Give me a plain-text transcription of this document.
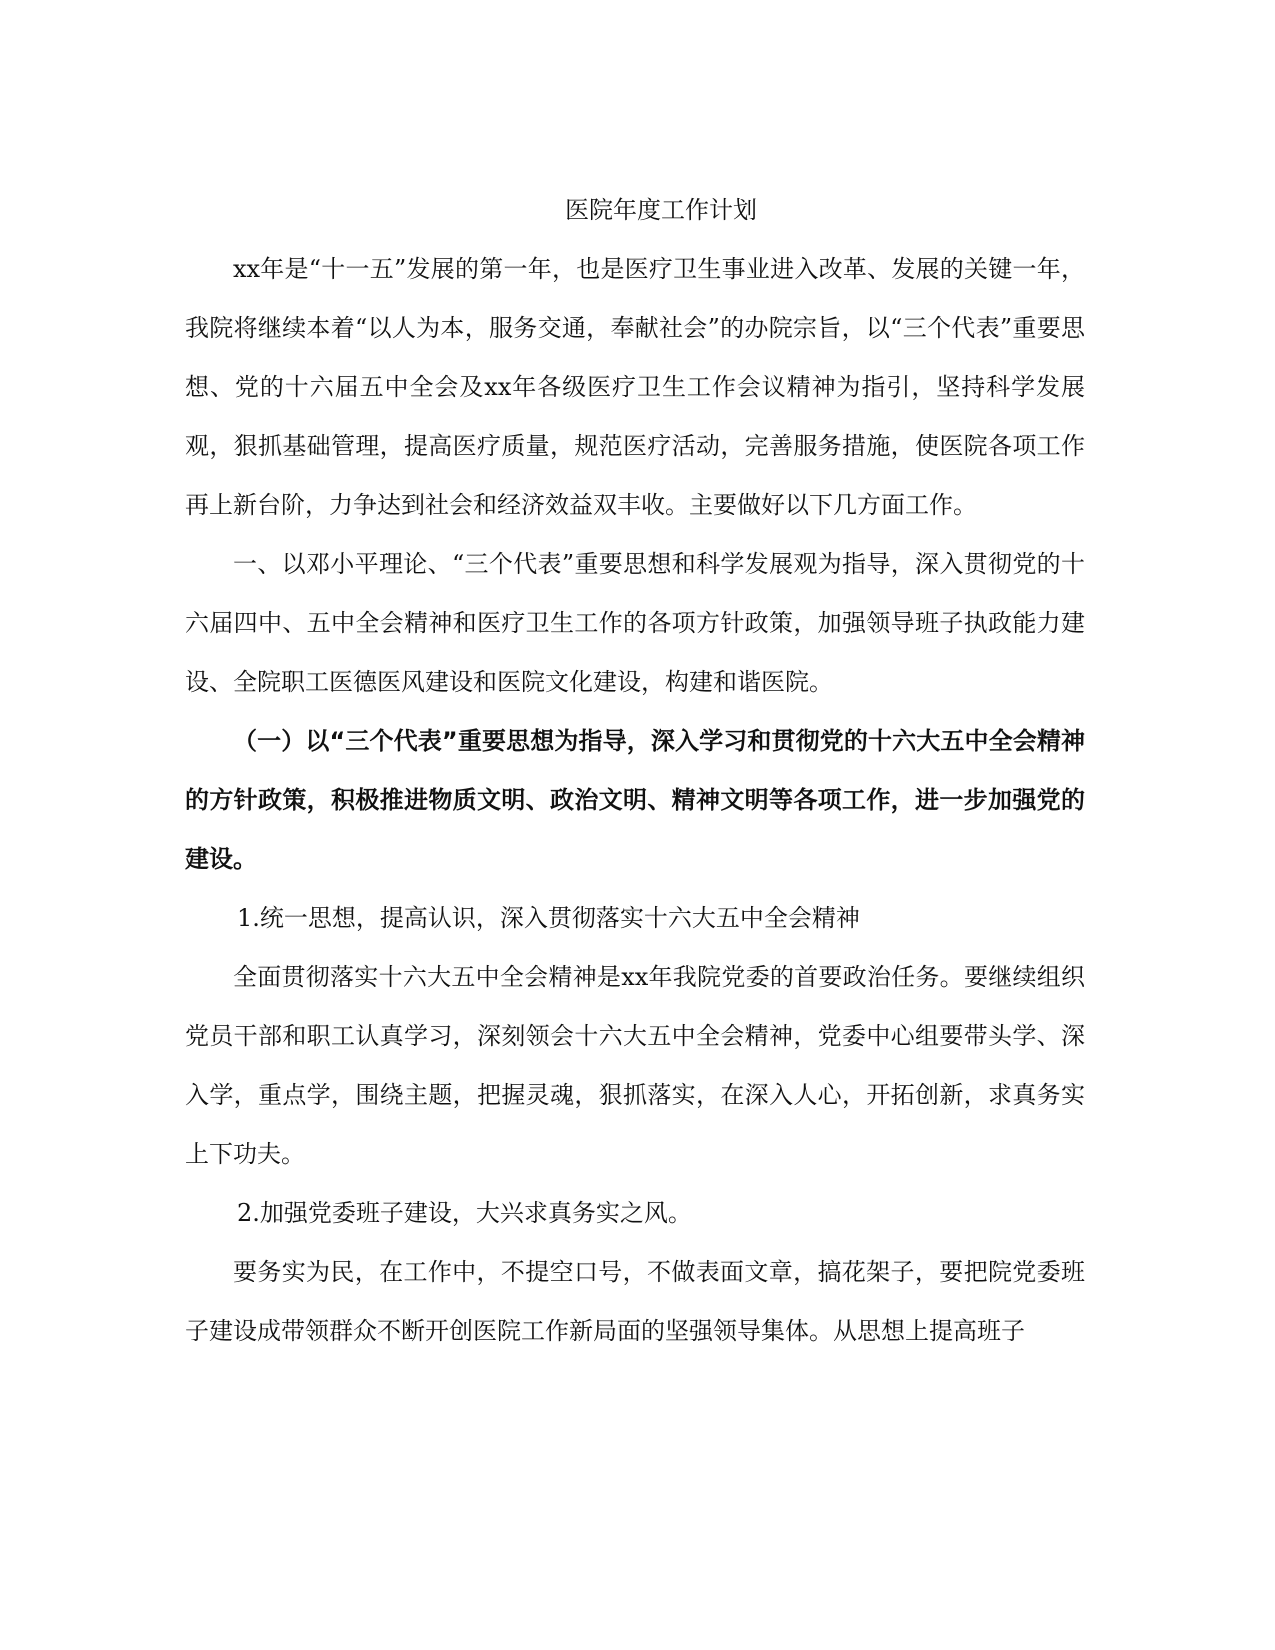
医院年度工作计划

xx年是“十一五”发展的第一年，也是医疗卫生事业进入改革、发展的关键一年，我院将继续本着“以人为本，服务交通，奉献社会”的办院宗旨，以“三个代表”重要思想、党的十六届五中全会及xx年各级医疗卫生工作会议精神为指引，坚持科学发展观，狠抓基础管理，提高医疗质量，规范医疗活动，完善服务措施，使医院各项工作再上新台阶，力争达到社会和经济效益双丰收。主要做好以下几方面工作。

一、以邓小平理论、“三个代表”重要思想和科学发展观为指导，深入贯彻党的十六届四中、五中全会精神和医疗卫生工作的各项方针政策，加强领导班子执政能力建设、全院职工医德医风建设和医院文化建设，构建和谐医院。

（一）以“三个代表”重要思想为指导，深入学习和贯彻党的十六大五中全会精神的方针政策，积极推进物质文明、政治文明、精神文明等各项工作，进一步加强党的建设。

1.统一思想，提高认识，深入贯彻落实十六大五中全会精神

全面贯彻落实十六大五中全会精神是xx年我院党委的首要政治任务。要继续组织党员干部和职工认真学习，深刻领会十六大五中全会精神，党委中心组要带头学、深入学，重点学，围绕主题，把握灵魂，狠抓落实，在深入人心，开拓创新，求真务实上下功夫。

2.加强党委班子建设，大兴求真务实之风。

要务实为民，在工作中，不提空口号，不做表面文章，搞花架子，要把院党委班子建设成带领群众不断开创医院工作新局面的坚强领导集体。从思想上提高班子
